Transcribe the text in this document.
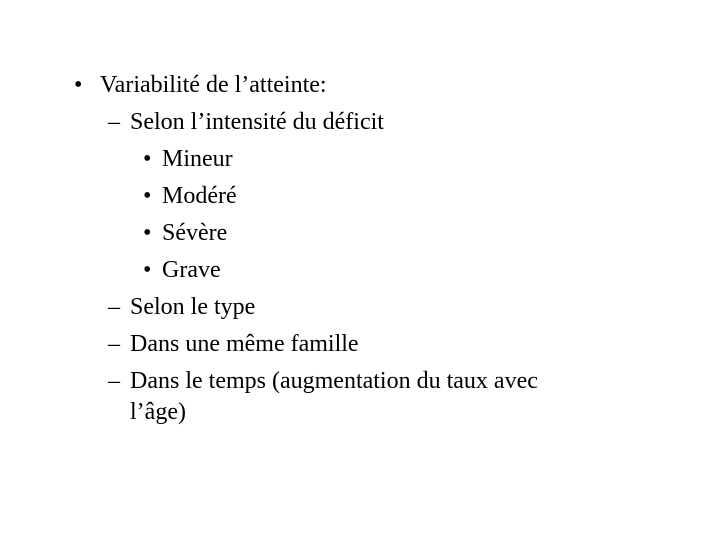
• Variabilité de l’atteinte:
– Selon l’intensité du déficit
• Mineur
• Modéré
• Sévère
• Grave
– Selon le type
– Dans une même famille
– Dans le temps (augmentation du taux avec
l’âge)
